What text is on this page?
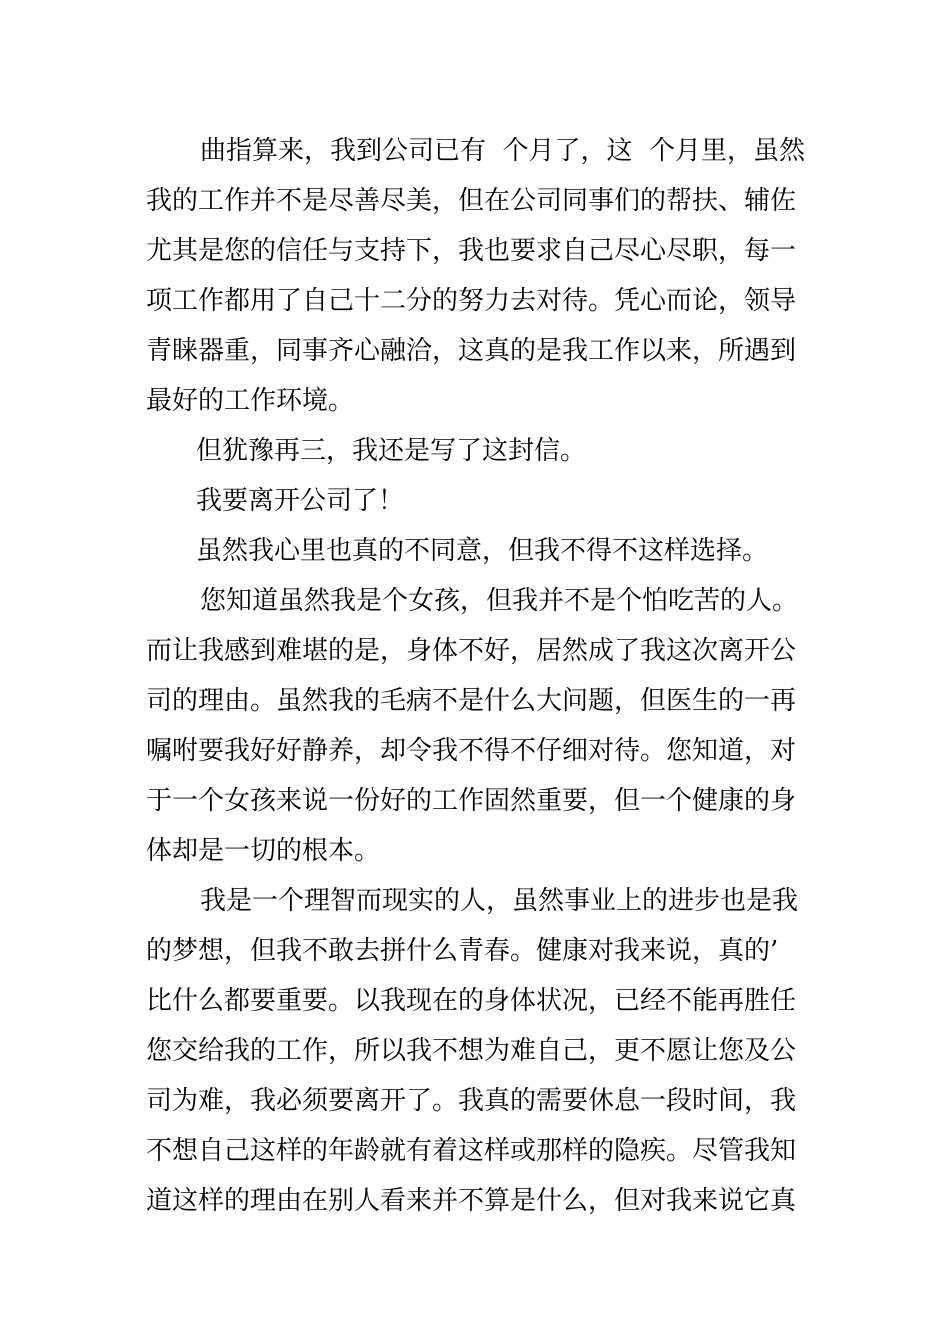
曲指算来，我到公司已有  个月了，这  个月里，虽然
我的工作并不是尽善尽美，但在公司同事们的帮扶、辅佐
尤其是您的信任与支持下，我也要求自己尽心尽职，每一
项工作都用了自己十二分的努力去对待。凭心而论，领导
青睐器重，同事齐心融洽，这真的是我工作以来，所遇到
最好的工作环境。
但犹豫再三，我还是写了这封信。
我要离开公司了！
虽然我心里也真的不同意，但我不得不这样选择。
您知道虽然我是个女孩，但我并不是个怕吃苦的人。
而让我感到难堪的是，身体不好，居然成了我这次离开公
司的理由。虽然我的毛病不是什么大问题，但医生的一再
嘱咐要我好好静养，却令我不得不仔细对待。您知道，对
于一个女孩来说一份好的工作固然重要，但一个健康的身
体却是一切的根本。
我是一个理智而现实的人，虽然事业上的进步也是我
的梦想，但我不敢去拼什么青春。健康对我来说，真的’
比什么都要重要。以我现在的身体状况，已经不能再胜任
您交给我的工作，所以我不想为难自己，更不愿让您及公
司为难，我必须要离开了。我真的需要休息一段时间，我
不想自己这样的年龄就有着这样或那样的隐疾。尽管我知
道这样的理由在别人看来并不算是什么，但对我来说它真
